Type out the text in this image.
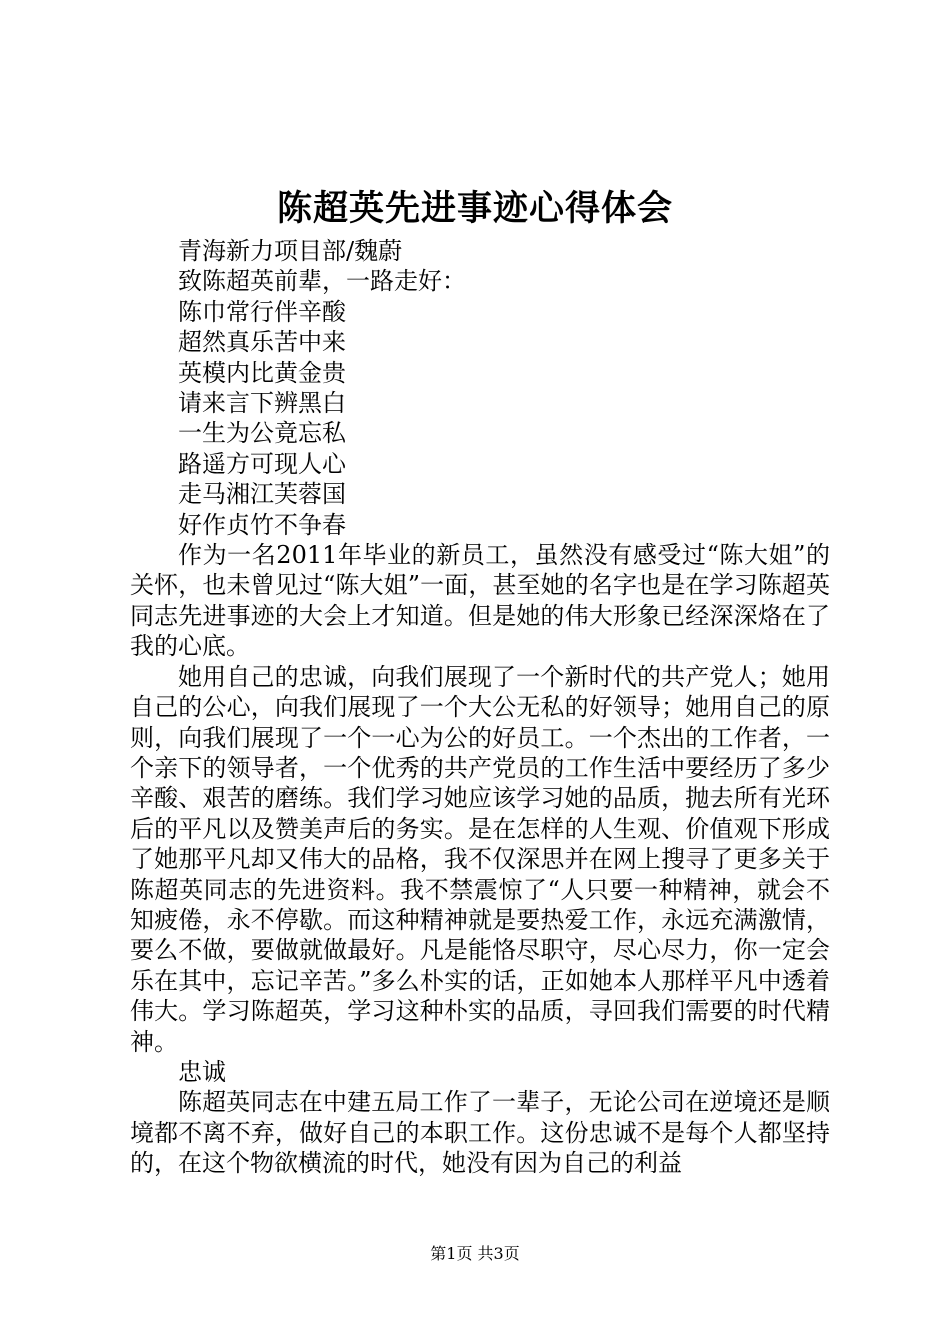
陈超英先进事迹心得体会

青海新力项目部/魏蔚

致陈超英前辈，一路走好：

陈巾常行伴辛酸

超然真乐苦中来

英模内比黄金贵

请来言下辨黑白

一生为公竟忘私

路遥方可现人心

走马湘江芙蓉国

好作贞竹不争春

作为一名2011年毕业的新员工，虽然没有感受过“陈大姐”的关怀，也未曾见过“陈大姐”一面，甚至她的名字也是在学习陈超英同志先进事迹的大会上才知道。但是她的伟大形象已经深深烙在了我的心底。

她用自己的忠诚，向我们展现了一个新时代的共产党人；她用自己的公心，向我们展现了一个大公无私的好领导；她用自己的原则，向我们展现了一个一心为公的好员工。一个杰出的工作者，一个亲下的领导者，一个优秀的共产党员的工作生活中要经历了多少辛酸、艰苦的磨练。我们学习她应该学习她的品质，抛去所有光环后的平凡以及赞美声后的务实。是在怎样的人生观、价值观下形成了她那平凡却又伟大的品格，我不仅深思并在网上搜寻了更多关于陈超英同志的先进资料。我不禁震惊了“人只要一种精神，就会不知疲倦，永不停歇。而这种精神就是要热爱工作，永远充满激情，要么不做，要做就做最好。凡是能恪尽职守，尽心尽力，你一定会乐在其中，忘记辛苦。”多么朴实的话，正如她本人那样平凡中透着伟大。学习陈超英，学习这种朴实的品质，寻回我们需要的时代精神。

忠诚

陈超英同志在中建五局工作了一辈子，无论公司在逆境还是顺境都不离不弃，做好自己的本职工作。这份忠诚不是每个人都坚持的，在这个物欲横流的时代，她没有因为自己的利益

第1页 共3页
